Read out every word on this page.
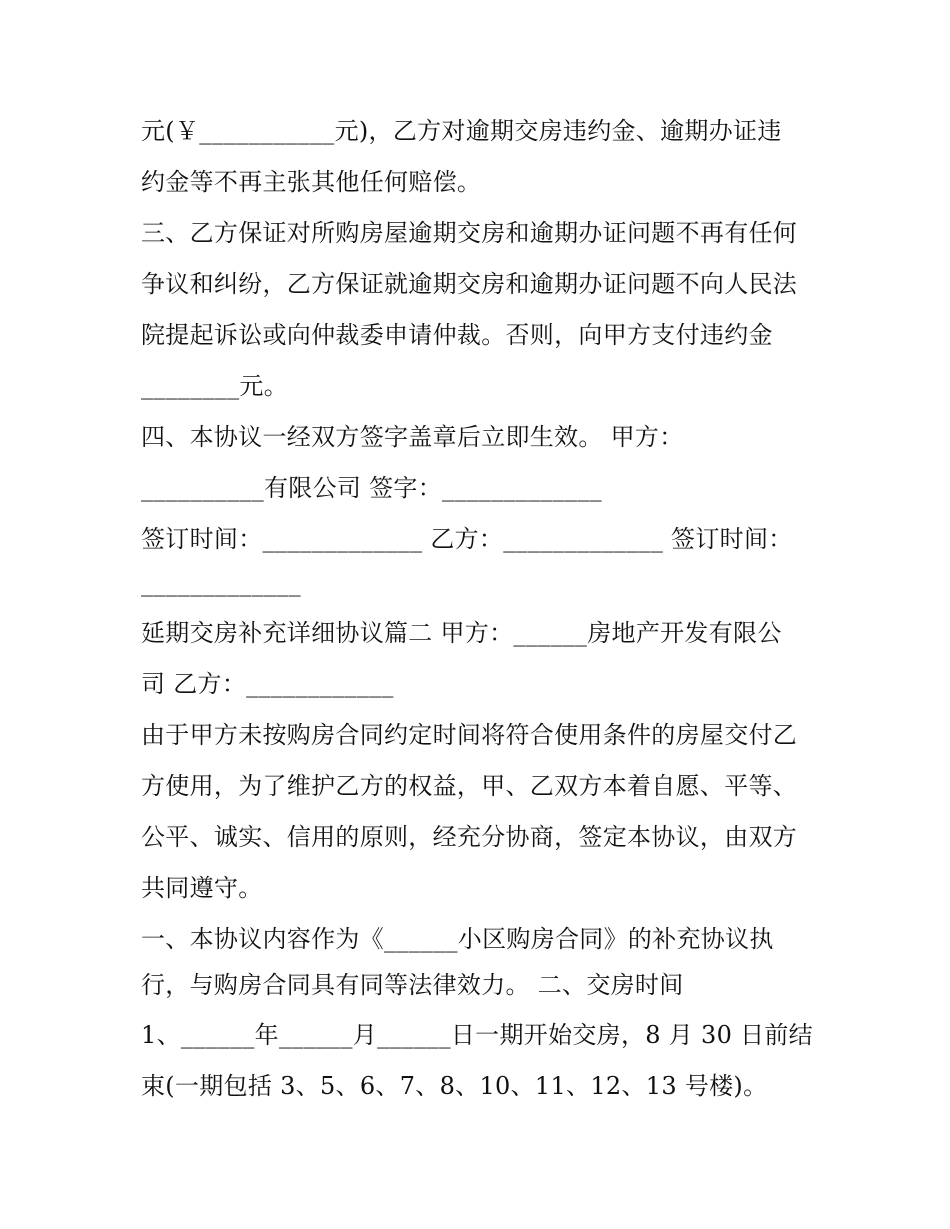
元(￥___________元)，乙方对逾期交房违约金、逾期办证违
约金等不再主张其他任何赔偿。
三、乙方保证对所购房屋逾期交房和逾期办证问题不再有任何
争议和纠纷，乙方保证就逾期交房和逾期办证问题不向人民法
院提起诉讼或向仲裁委申请仲裁。否则，向甲方支付违约金
________元。
四、本协议一经双方签字盖章后立即生效。 甲方：
__________有限公司 签字：_____________
签订时间：_____________ 乙方：_____________ 签订时间：
_____________
延期交房补充详细协议篇二 甲方：______房地产开发有限公
司 乙方：____________
由于甲方未按购房合同约定时间将符合使用条件的房屋交付乙
方使用，为了维护乙方的权益，甲、乙双方本着自愿、平等、
公平、诚实、信用的原则，经充分协商，签定本协议，由双方
共同遵守。
一、本协议内容作为《______小区购房合同》的补充协议执
行，与购房合同具有同等法律效力。 二、交房时间
1、______年______月______日一期开始交房，8 月 30 日前结
束(一期包括 3、5、6、7、8、10、11、12、13 号楼)。
